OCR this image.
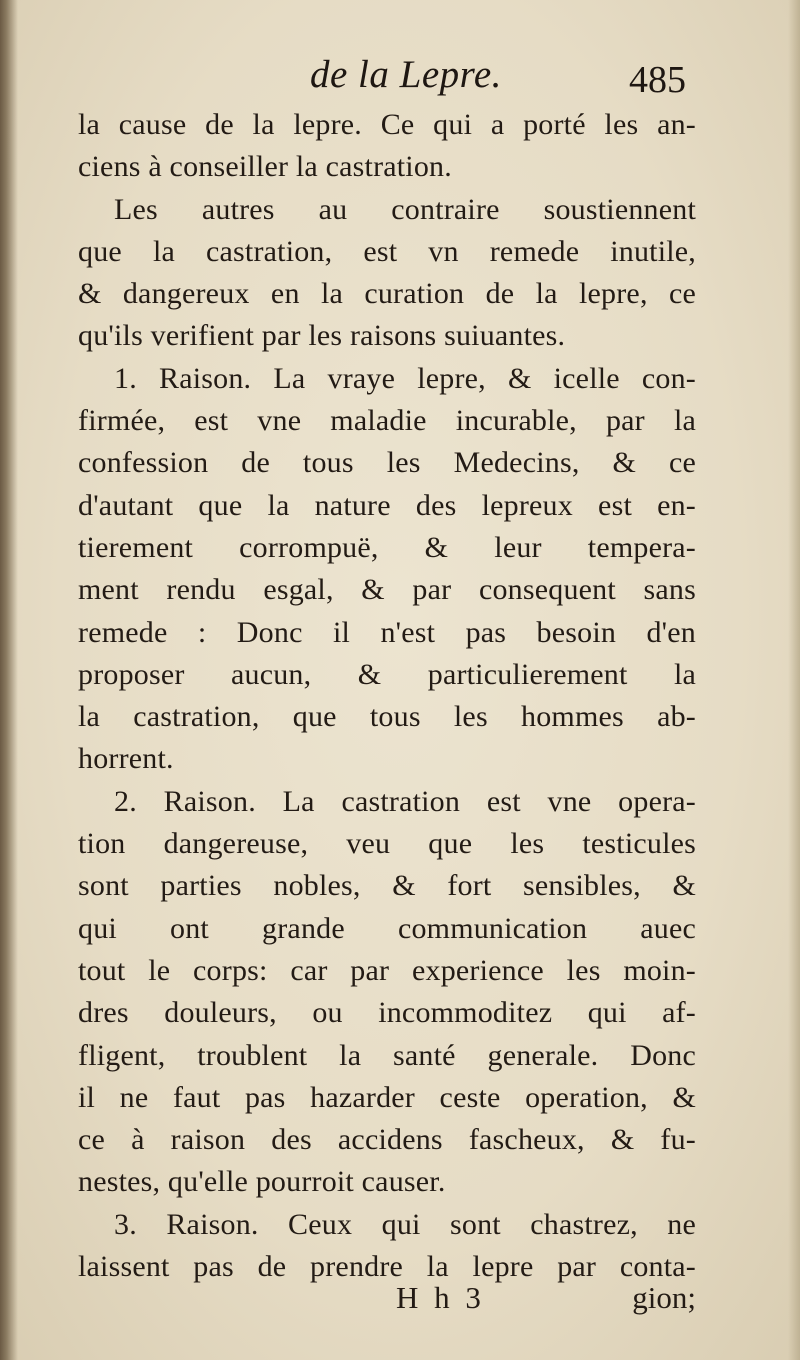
de la Lepre.	485
la cause de la lepre. Ce qui a porté les an-
ciens à conseiller la castration.
Les autres au contraire soustiennent
que la castration, est vn remede inutile,
& dangereux en la curation de la lepre, ce
qu'ils verifient par les raisons suiuantes.
1. Raison. La vraye lepre, & icelle con-
firmée, est vne maladie incurable, par la
confession de tous les Medecins, & ce
d'autant que la nature des lepreux est en-
tierement corrompuë, & leur tempera-
ment rendu esgal, & par consequent sans
remede : Donc il n'est pas besoin d'en
proposer aucun, & particulierement la
la castration, que tous les hommes ab-
horrent.
2. Raison. La castration est vne operа-
tion dangereuse, veu que les testicules
sont parties nobles, & fort sensibles, &
qui ont grande communication auec
tout le corps: car par experience les moin-
dres douleurs, ou incommoditez qui af-
fligent, troublent la santé generale. Donc
il ne faut pas hazarder ceste operation, &
ce à raison des accidens fascheux, & fu-
nestes, qu'elle pourroit causer.
3. Raison. Ceux qui sont chastrez, ne
laissent pas de prendre la lepre par conta-
H h 3	gion;
